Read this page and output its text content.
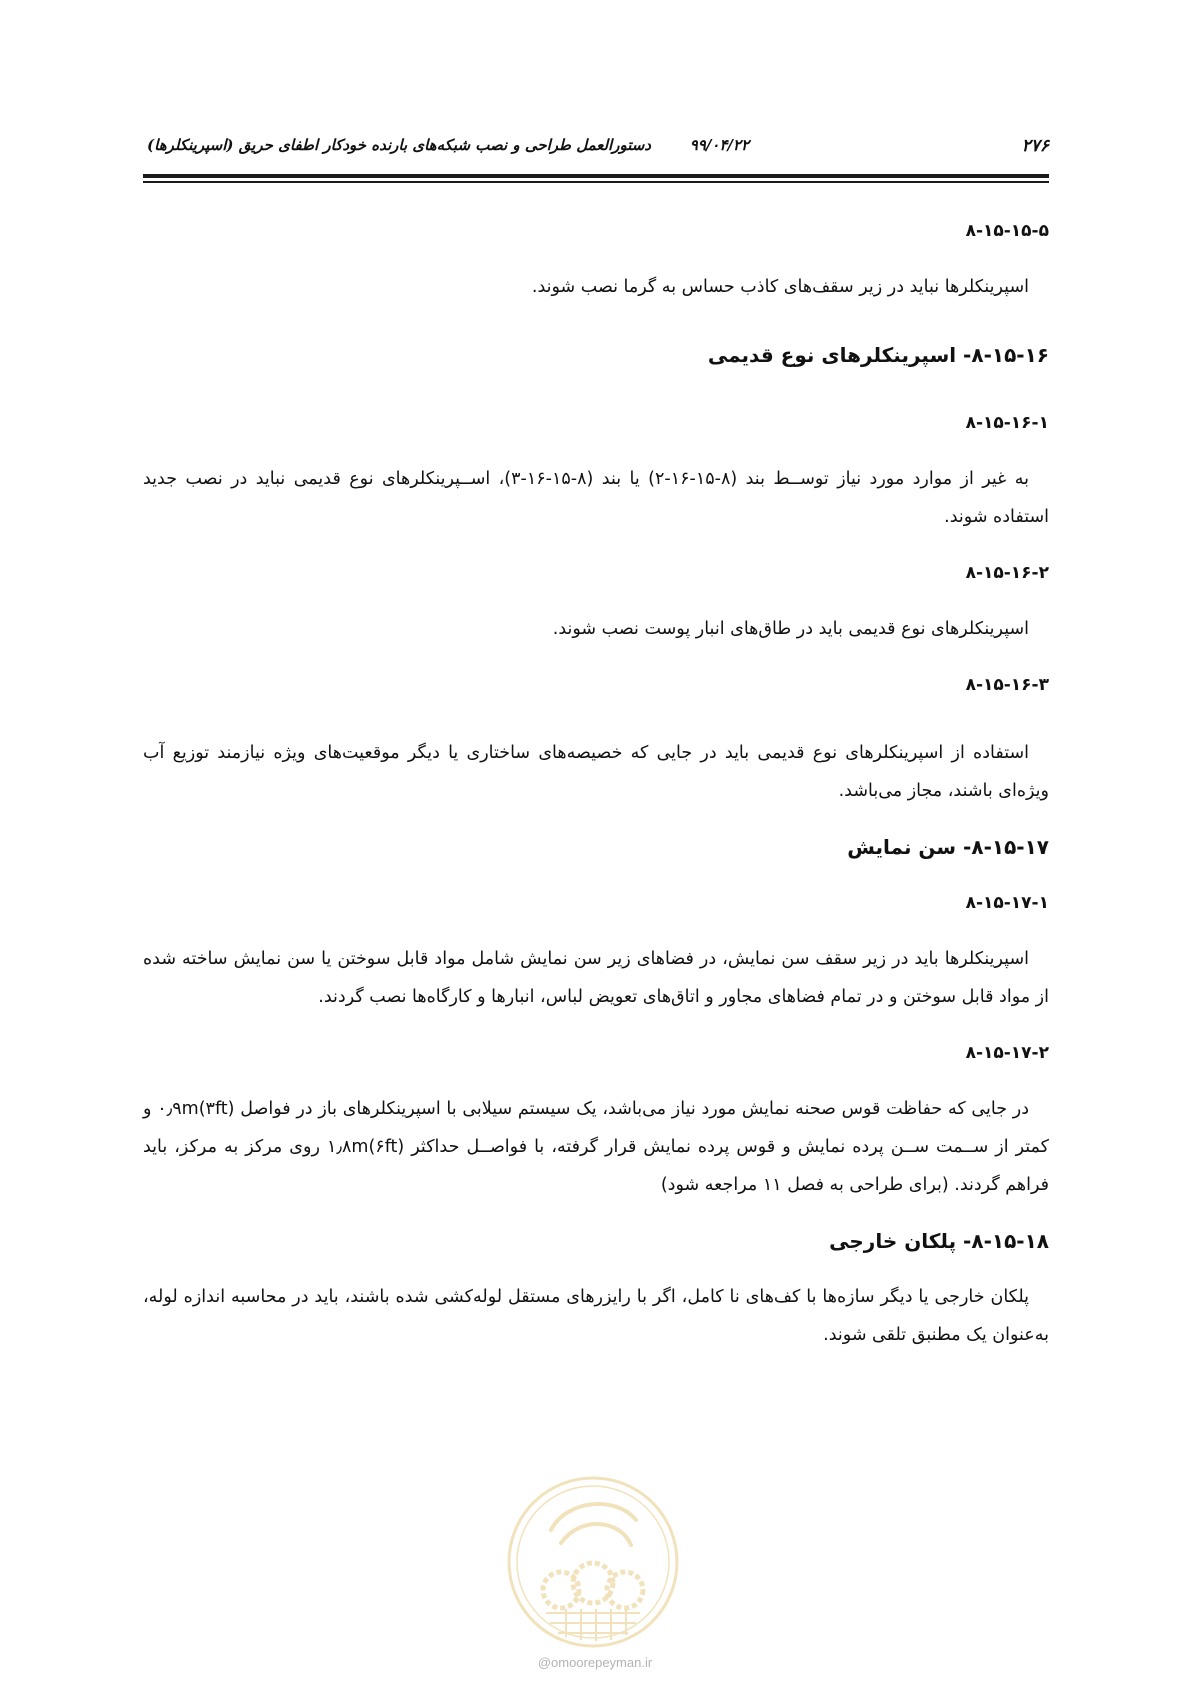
دستورالعمل طراحی و نصب شبکه‌های بارنده خودکار اطفای حریق (اسپرینکلرها)	۹۹/۰۴/۲۲	۲۷۶

۸-۱۵-۱۵-۵

اسپرینکلرها نباید در زیر سقف‌های کاذب حساس به گرما نصب شوند.

۸-۱۵-۱۶- اسپرینکلرهای نوع قدیمی

۸-۱۵-۱۶-۱

به غیر از موارد مورد نیاز توســط بند (۸-۱۵-۱۶-۲) یا بند (۸-۱۵-۱۶-۳)، اســپرینکلرهای نوع قدیمی نباید در نصب جدید استفاده شوند.

۸-۱۵-۱۶-۲

اسپرینکلرهای نوع قدیمی باید در طاق‌های انبار پوست نصب شوند.

۸-۱۵-۱۶-۳

استفاده از اسپرینکلرهای نوع قدیمی باید در جایی که خصیصه‌های ساختاری یا دیگر موقعیت‌های ویژه نیازمند توزیع آب ویژه‌ای باشند، مجاز می‌باشد.

۸-۱۵-۱۷- سن نمایش

۸-۱۵-۱۷-۱

اسپرینکلرها باید در زیر سقف سن نمایش، در فضاهای زیر سن نمایش شامل مواد قابل سوختن یا سن نمایش ساخته شده از مواد قابل سوختن و در تمام فضاهای مجاور و اتاق‌های تعویض لباس، انبارها و کارگاه‌ها نصب گردند.

۸-۱۵-۱۷-۲

در جایی که حفاظت قوس صحنه نمایش مورد نیاز می‌باشد، یک سیستم سیلابی با اسپرینکلرهای باز در فواصل ۰٫۹m(۳ft) و کمتر از ســمت ســن پرده نمایش و قوس پرده نمایش قرار گرفته، با فواصــل حداکثر ۱٫۸m(۶ft) روی مرکز به مرکز، باید فراهم گردند. (برای طراحی به فصل ۱۱ مراجعه شود)

۸-۱۵-۱۸- پلکان خارجی

پلکان خارجی یا دیگر سازه‌ها با کف‌های نا کامل، اگر با رایزرهای مستقل لوله‌کشی شده باشند، باید در محاسبه اندازه لوله، به‌عنوان یک مطنبق تلقی شوند.

@omoorepeyman.ir
